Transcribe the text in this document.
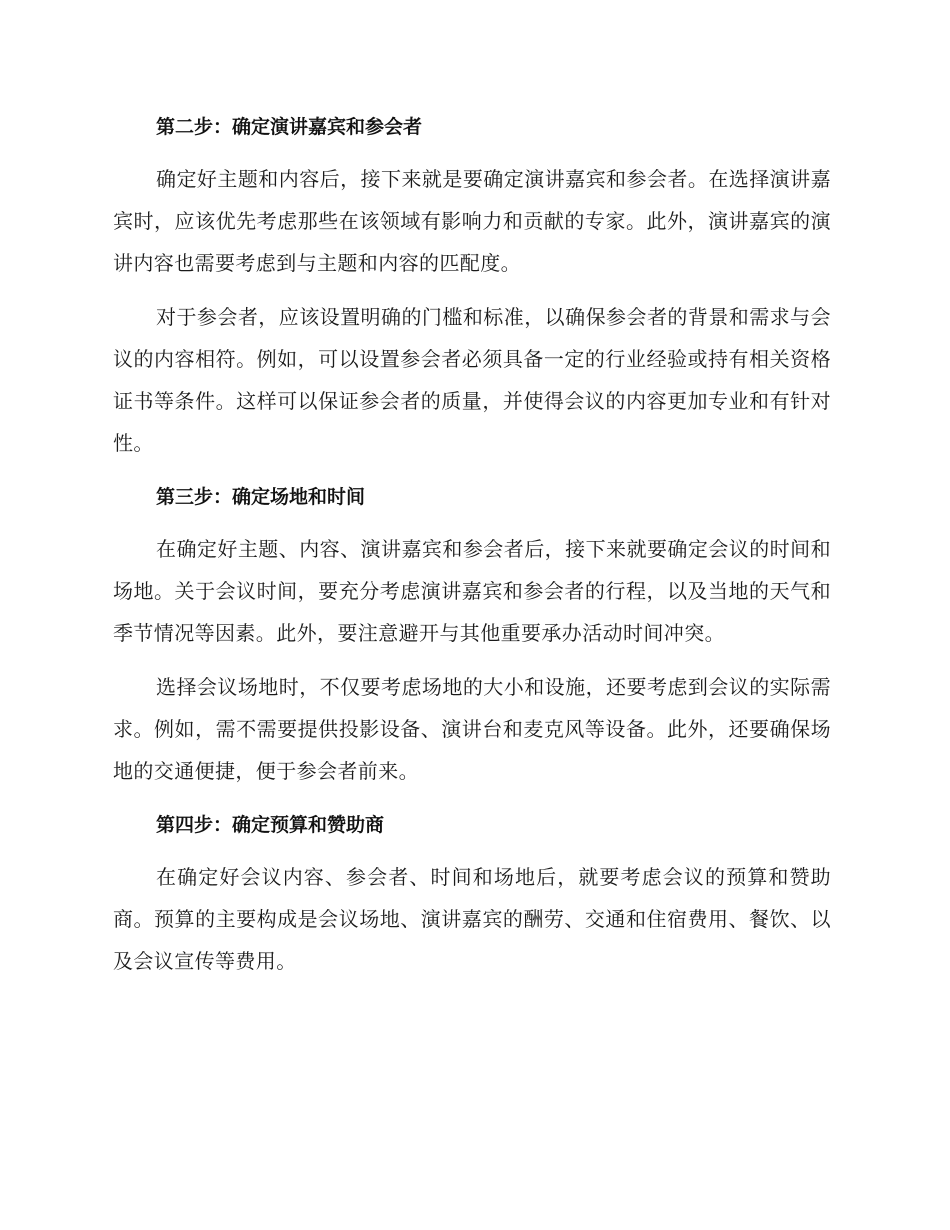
第二步：确定演讲嘉宾和参会者

确定好主题和内容后，接下来就是要确定演讲嘉宾和参会者。在选择演讲嘉宾时，应该优先考虑那些在该领域有影响力和贡献的专家。此外，演讲嘉宾的演讲内容也需要考虑到与主题和内容的匹配度。

对于参会者，应该设置明确的门槛和标准，以确保参会者的背景和需求与会议的内容相符。例如，可以设置参会者必须具备一定的行业经验或持有相关资格证书等条件。这样可以保证参会者的质量，并使得会议的内容更加专业和有针对性。

第三步：确定场地和时间

在确定好主题、内容、演讲嘉宾和参会者后，接下来就要确定会议的时间和场地。关于会议时间，要充分考虑演讲嘉宾和参会者的行程，以及当地的天气和季节情况等因素。此外，要注意避开与其他重要承办活动时间冲突。

选择会议场地时，不仅要考虑场地的大小和设施，还要考虑到会议的实际需求。例如，需不需要提供投影设备、演讲台和麦克风等设备。此外，还要确保场地的交通便捷，便于参会者前来。

第四步：确定预算和赞助商

在确定好会议内容、参会者、时间和场地后，就要考虑会议的预算和赞助商。预算的主要构成是会议场地、演讲嘉宾的酬劳、交通和住宿费用、餐饮、以及会议宣传等费用。
